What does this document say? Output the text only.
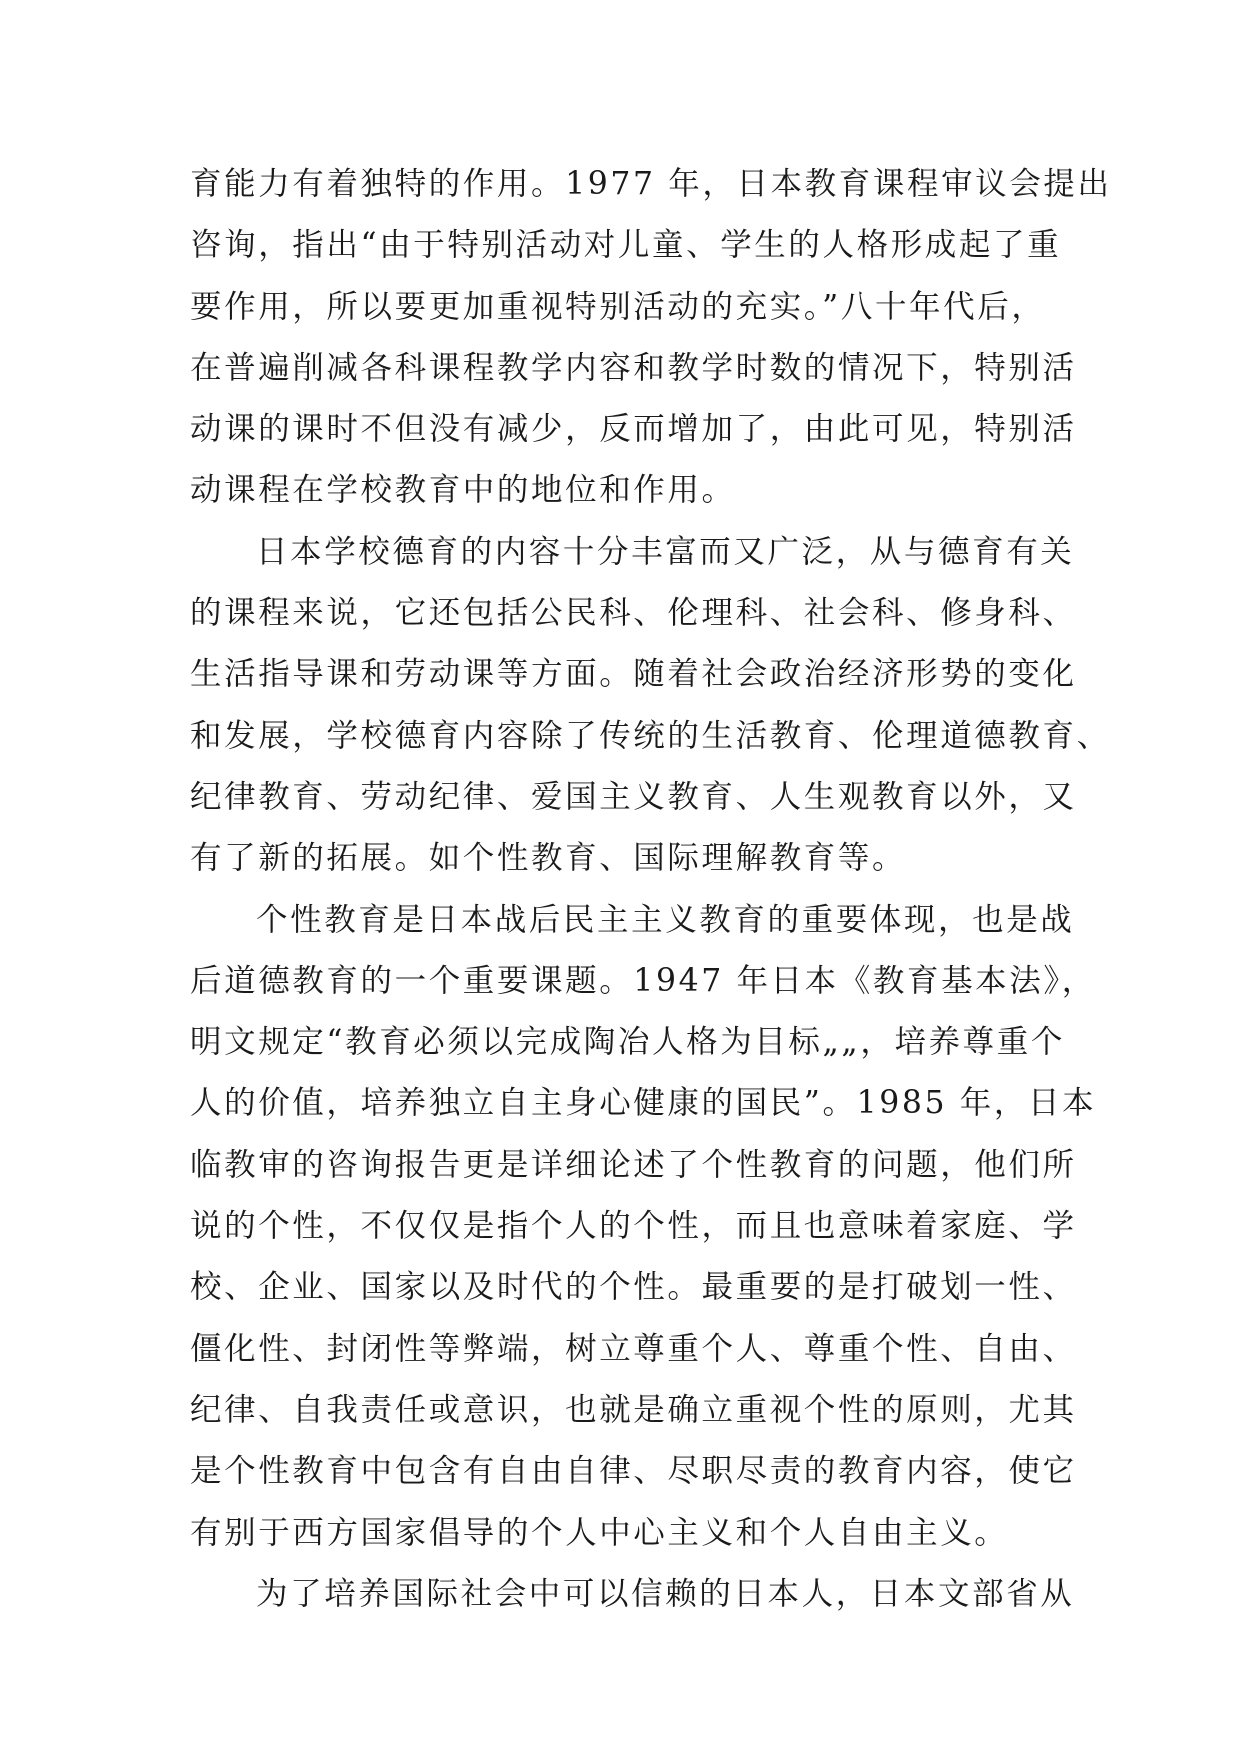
育能力有着独特的作用。1977 年，日本教育课程审议会提出
咨询，指出“由于特别活动对儿童、学生的人格形成起了重
要作用，所以要更加重视特别活动的充实。”八十年代后，
在普遍削减各科课程教学内容和教学时数的情况下，特别活
动课的课时不但没有减少，反而增加了，由此可见，特别活
动课程在学校教育中的地位和作用。
日本学校德育的内容十分丰富而又广泛，从与德育有关
的课程来说，它还包括公民科、伦理科、社会科、修身科、
生活指导课和劳动课等方面。随着社会政治经济形势的变化
和发展，学校德育内容除了传统的生活教育、伦理道德教育、
纪律教育、劳动纪律、爱国主义教育、人生观教育以外，又
有了新的拓展。如个性教育、国际理解教育等。
个性教育是日本战后民主主义教育的重要体现，也是战
后道德教育的一个重要课题。1947 年日本《教育基本法》，
明文规定“教育必须以完成陶冶人格为目标„„，培养尊重个
人的价值，培养独立自主身心健康的国民”。1985 年，日本
临教审的咨询报告更是详细论述了个性教育的问题，他们所
说的个性，不仅仅是指个人的个性，而且也意味着家庭、学
校、企业、国家以及时代的个性。最重要的是打破划一性、
僵化性、封闭性等弊端，树立尊重个人、尊重个性、自由、
纪律、自我责任或意识，也就是确立重视个性的原则，尤其
是个性教育中包含有自由自律、尽职尽责的教育内容，使它
有别于西方国家倡导的个人中心主义和个人自由主义。
为了培养国际社会中可以信赖的日本人，日本文部省从
